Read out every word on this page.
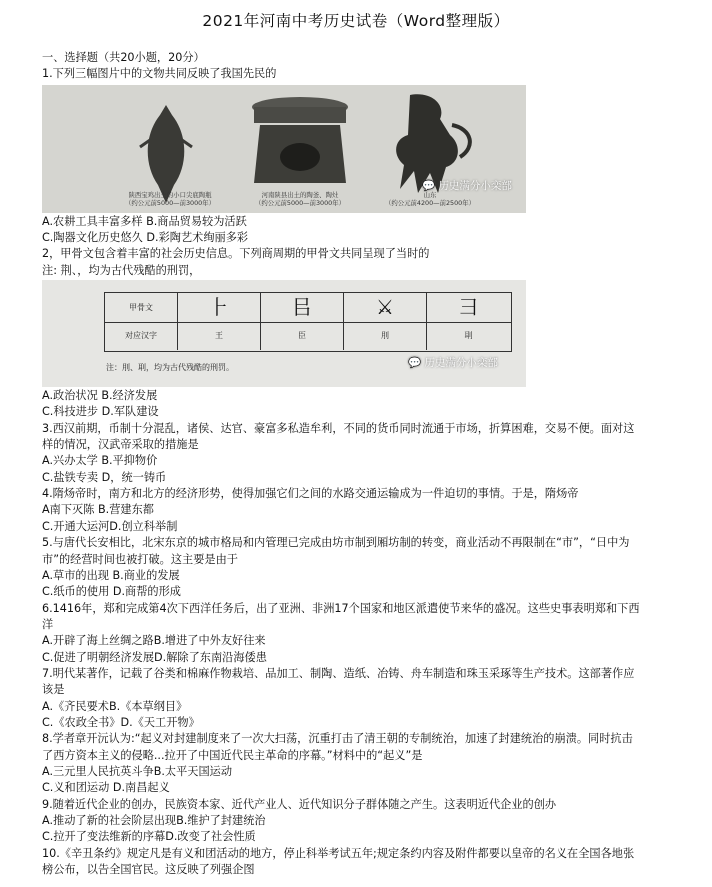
2021年河南中考历史试卷（Word整理版）
一、选择题（共20小题，20分）
1.下列三幅图片中的文物共同反映了我国先民的
陕西宝鸡出土的小口尖底陶瓶
（约公元前5000—前3000年）
河南陕县出土的陶釜、陶灶
（约公元前5000—前3000年）
山东
（约公元前4200—前2500年）
💬 历史满分小栾部
A.农耕工具丰富多样 B.商品贸易较为活跃
C.陶器文化历史悠久 D.彩陶艺术绚丽多彩
2，甲骨文包含着丰富的社会历史信息。下列商周期的甲骨文共同呈现了当时的
注: 荆、，均为古代残酷的刑罚，
甲骨文	⺊	㠯	⚔	⺕
对应汉字	王	臣	刖	刵
注：刖、刵，均为古代残酷的刑罚。	💬 历史满分小栾部
A.政治状况 B.经济发展
C.科技进步 D.军队建设
3.西汉前期，币制十分混乱，诸侯、达官、豪富多私造牟利，不同的货币同时流通于市场，折算困难，交易不便。面对这样的情况，汉武帝采取的措施是
A.兴办太学 B.平抑物价
C.盐铁专卖 D，统一铸币
4.隋炀帝时，南方和北方的经济形势，使得加强它们之间的水路交通运输成为一件迫切的事情。于是，隋炀帝
A南下灭陈 B.营建东都
C.开通大运河D.创立科举制
5.与唐代长安相比，北宋东京的城市格局和内管理已完成由坊市制到厢坊制的转变，商业活动不再限制在“市”，“日中为市”的经营时间也被打破。这主要是由于
A.草市的出现 B.商业的发展
C.纸币的使用 D.商帮的形成
6.1416年，郑和完成第4次下西洋任务后，出了亚洲、非洲17个国家和地区派遣使节来华的盛况。这些史事表明郑和下西洋
A.开辟了海上丝绸之路B.增进了中外友好往来
C.促进了明朝经济发展D.解除了东南沿海倭患
7.明代某著作，记载了谷类和棉麻作物栽培、品加工、制陶、造纸、冶铸、舟车制造和珠玉采琢等生产技术。这部著作应该是
A.《齐民要术B.《本草纲目》
C.《农政全书》D.《天工开物》
8.学者章开沅认为:“起义对封建制度来了一次大扫荡，沉重打击了清王朝的专制统治，加速了封建统治的崩溃。同时抗击了西方资本主义的侵略...拉开了中国近代民主革命的序幕。”材料中的“起义”是
A.三元里人民抗英斗争B.太平天国运动
C.义和团运动 D.南昌起义
9.随着近代企业的创办，民族资本家、近代产业人、近代知识分子群体随之产生。这表明近代企业的创办
A.推动了新的社会阶层出现B.维护了封建统治
C.拉开了变法维新的序幕D.改变了社会性质
10.《辛丑条约》规定凡是有义和团活动的地方，停止科举考试五年;规定条约内容及附件都要以皇帝的名义在全国各地张榜公布，以告全国官民。这反映了列强企图
